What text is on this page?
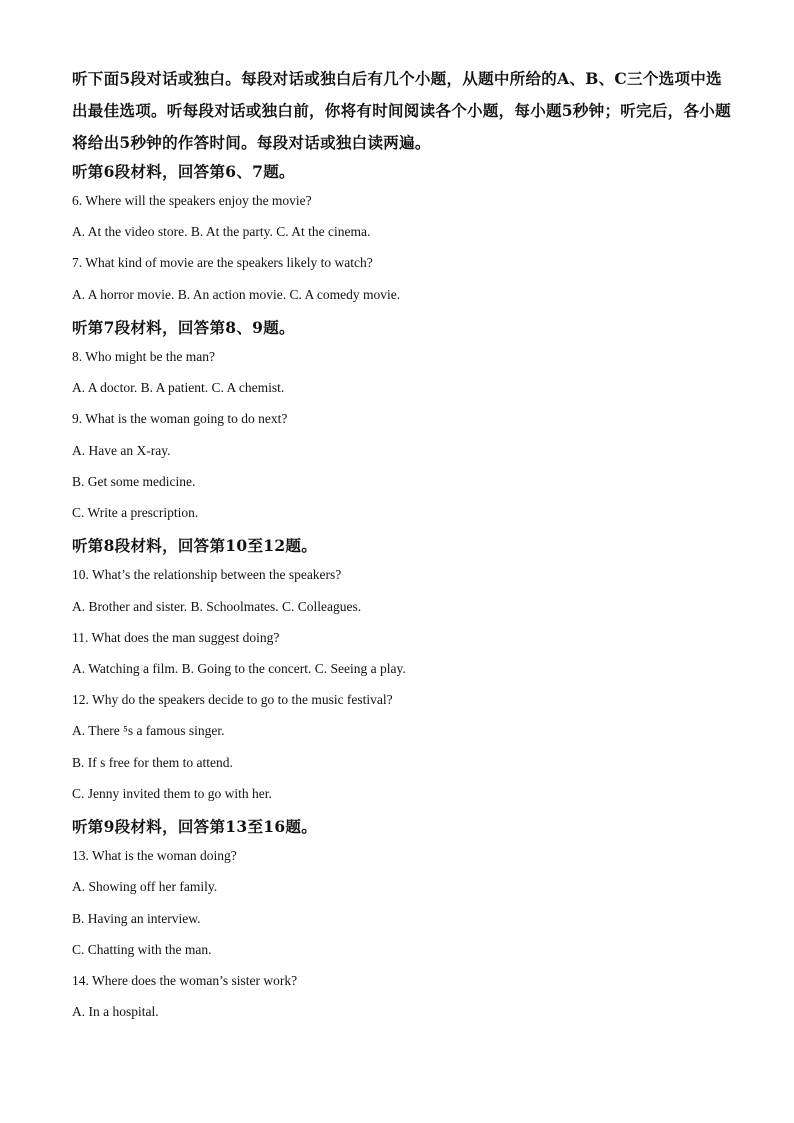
听下面5段对话或独白。每段对话或独白后有几个小题，从题中所给的A、B、C三个选项中选出最佳选项。听每段对话或独白前，你将有时间阅读各个小题，每小题5秒钟；听完后，各小题将给出5秒钟的作答时间。每段对话或独白读两遍。

听第6段材料，回答第6、7题。

6. Where will the speakers enjoy the movie?

A. At the video store. B. At the party. C. At the cinema.

7. What kind of movie are the speakers likely to watch?

A. A horror movie. B. An action movie. C. A comedy movie.

听第7段材料，回答第8、9题。

8. Who might be the man?

A. A doctor. B. A patient. C. A chemist.

9. What is the woman going to do next?

A. Have an X-ray.

B. Get some medicine.

C. Write a prescription.

听第8段材料，回答第10至12题。

10. What’s the relationship between the speakers?

A. Brother and sister. B. Schoolmates. C. Colleagues.

11. What does the man suggest doing?

A. Watching a film. B. Going to the concert. C. Seeing a play.

12. Why do the speakers decide to go to the music festival?

A. There ⁵s a famous singer.

B. If s free for them to attend.

C. Jenny invited them to go with her.

听第9段材料，回答第13至16题。

13. What is the woman doing?

A. Showing off her family.

B. Having an interview.

C. Chatting with the man.

14. Where does the woman’s sister work?

A. In a hospital.
